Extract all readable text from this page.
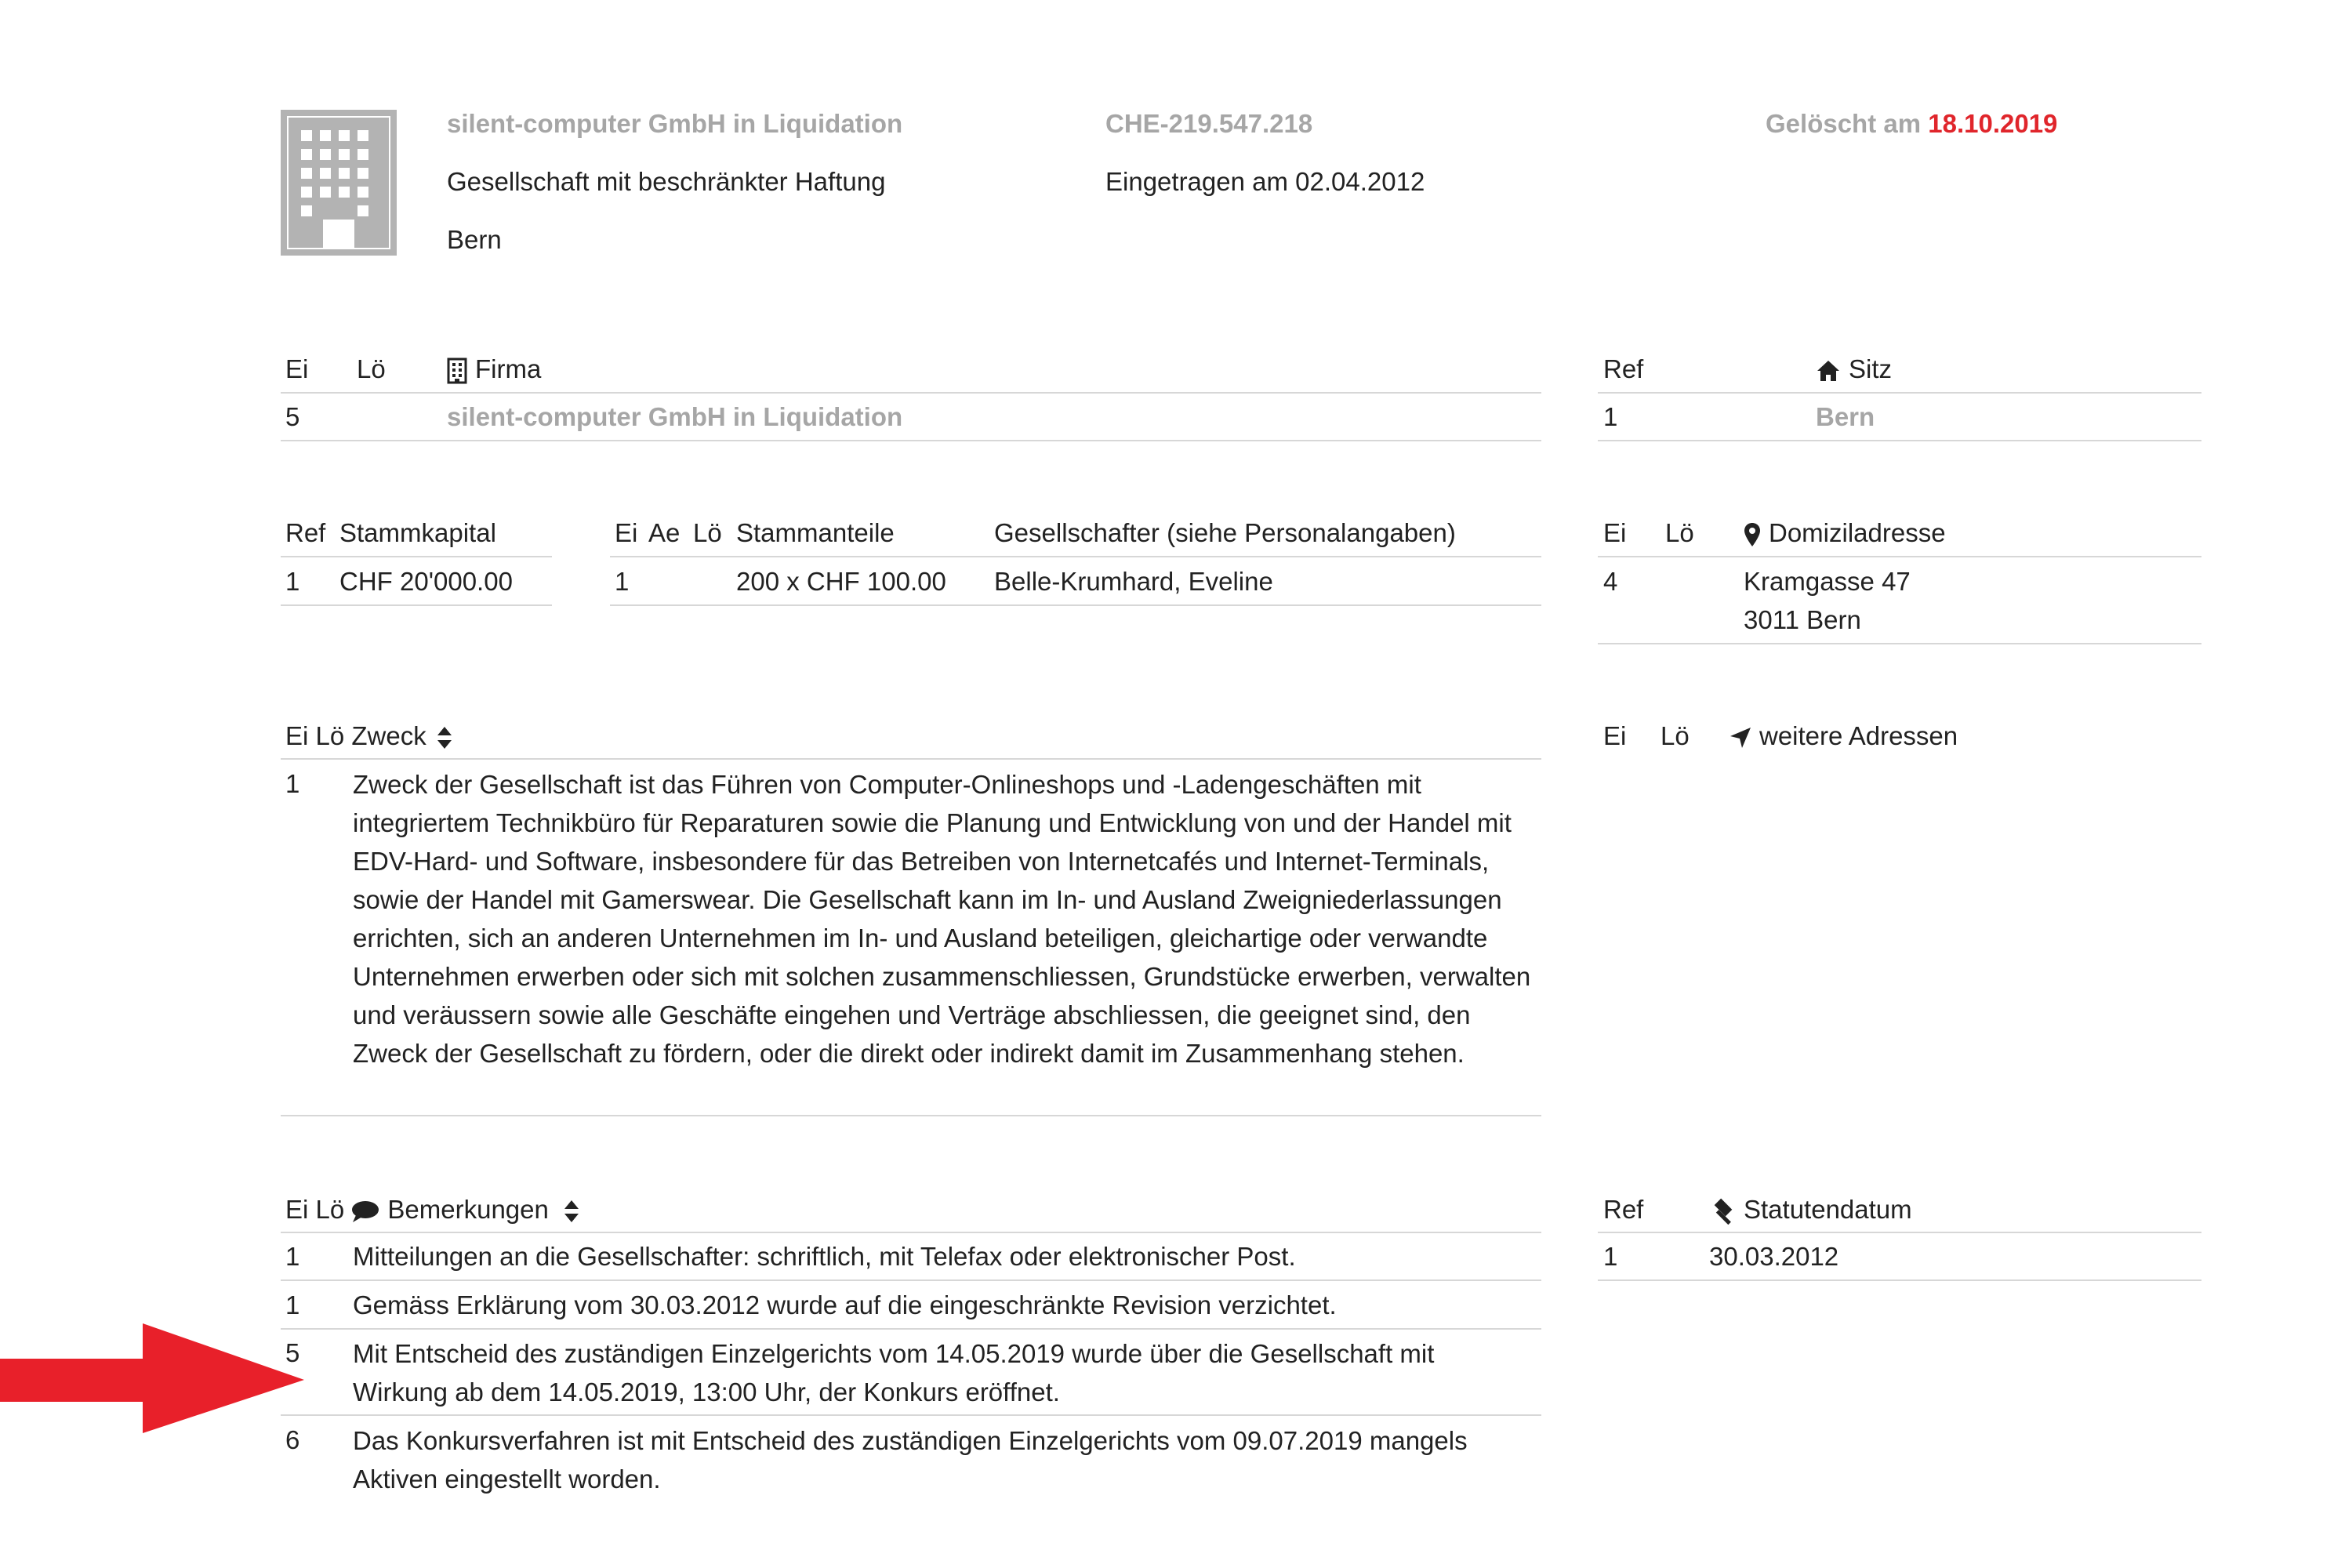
silent-computer GmbH in Liquidation
Gesellschaft mit beschränkter Haftung
Bern
CHE-219.547.218
Eingetragen am 02.04.2012
Gelöscht am 18.10.2019
Ei Lö	Firma
5	silent-computer GmbH in Liquidation
Ref	Sitz
1	Bern
Ref Stammkapital
1 CHF 20'000.00
Ei Ae Lö Stammanteile	Gesellschafter (siehe Personalangaben)
1	200 x CHF 100.00 Belle-Krumhard, Eveline
Ei Lö	Domiziladresse
4	Kramgasse 47
3011 Bern
Ei Lö Zweck
1 Zweck der Gesellschaft ist das Führen von Computer-Onlineshops und -Ladengeschäften mit integriertem Technikbüro für Reparaturen sowie die Planung und Entwicklung von und der Handel mit EDV-Hard- und Software, insbesondere für das Betreiben von Internetcafés und Internet-Terminals, sowie der Handel mit Gamerswear. Die Gesellschaft kann im In- und Ausland Zweigniederlassungen errichten, sich an anderen Unternehmen im In- und Ausland beteiligen, gleichartige oder verwandte Unternehmen erwerben oder sich mit solchen zusammenschliessen, Grundstücke erwerben, verwalten und veräussern sowie alle Geschäfte eingehen und Verträge abschliessen, die geeignet sind, den Zweck der Gesellschaft zu fördern, oder die direkt oder indirekt damit im Zusammenhang stehen.
Ei Lö	weitere Adressen
Ei Lö Bemerkungen
1 Mitteilungen an die Gesellschafter: schriftlich, mit Telefax oder elektronischer Post.
1 Gemäss Erklärung vom 30.03.2012 wurde auf die eingeschränkte Revision verzichtet.
5 Mit Entscheid des zuständigen Einzelgerichts vom 14.05.2019 wurde über die Gesellschaft mit Wirkung ab dem 14.05.2019, 13:00 Uhr, der Konkurs eröffnet.
6 Das Konkursverfahren ist mit Entscheid des zuständigen Einzelgerichts vom 09.07.2019 mangels Aktiven eingestellt worden.
Ref	Statutendatum
1	30.03.2012
